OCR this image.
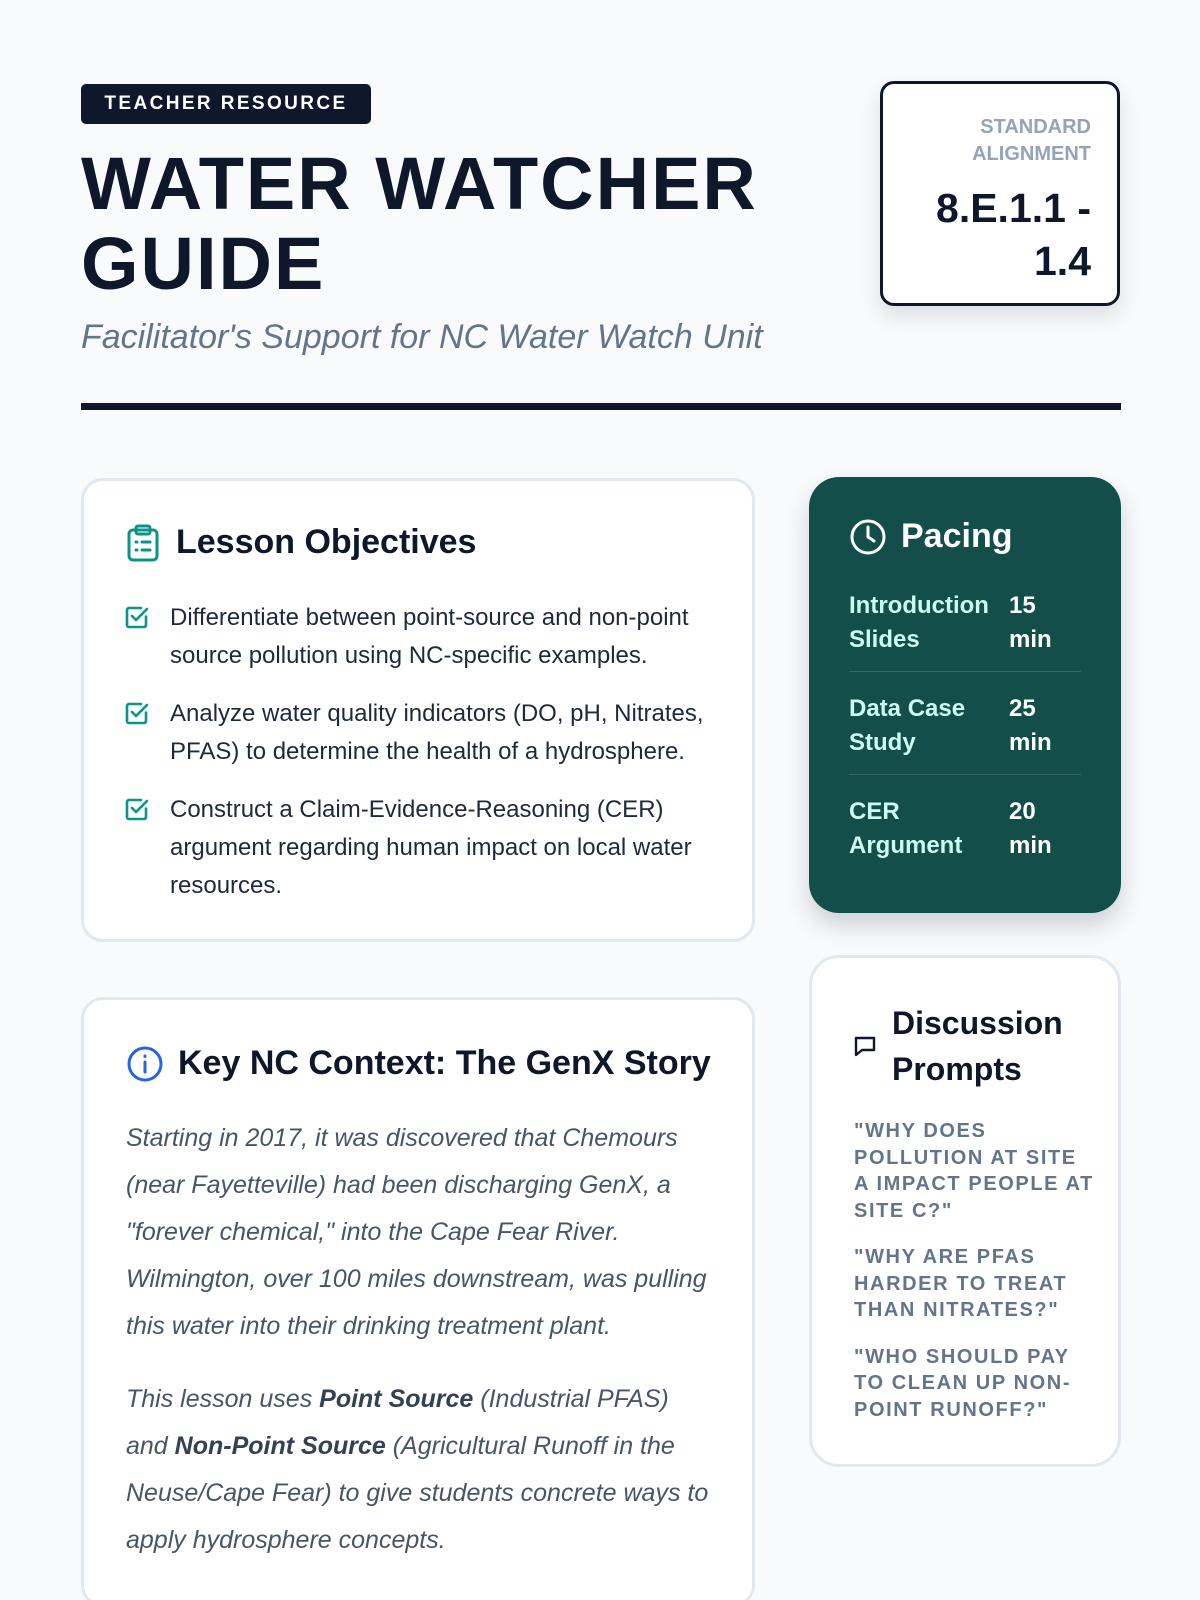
TEACHER RESOURCE
WATER WATCHER GUIDE
Facilitator's Support for NC Water Watch Unit
STANDARD ALIGNMENT
8.E.1.1 - 1.4
Lesson Objectives
Differentiate between point-source and non-point source pollution using NC-specific examples.
Analyze water quality indicators (DO, pH, Nitrates, PFAS) to determine the health of a hydrosphere.
Construct a Claim-Evidence-Reasoning (CER) argument regarding human impact on local water resources.
Key NC Context: The GenX Story

Starting in 2017, it was discovered that Chemours (near Fayetteville) had been discharging GenX, a "forever chemical," into the Cape Fear River. Wilmington, over 100 miles downstream, was pulling this water into their drinking treatment plant.

This lesson uses Point Source (Industrial PFAS) and Non-Point Source (Agricultural Runoff in the Neuse/Cape Fear) to give students concrete ways to apply hydrosphere concepts.

Pacing
Introduction Slides
15 min
Data Case Study
25 min
CER Argument
20 min
Discussion Prompts
"WHY DOES POLLUTION AT SITE A IMPACT PEOPLE AT SITE C?"
"WHY ARE PFAS HARDER TO TREAT THAN NITRATES?"
"WHO SHOULD PAY TO CLEAN UP NON-POINT RUNOFF?"
